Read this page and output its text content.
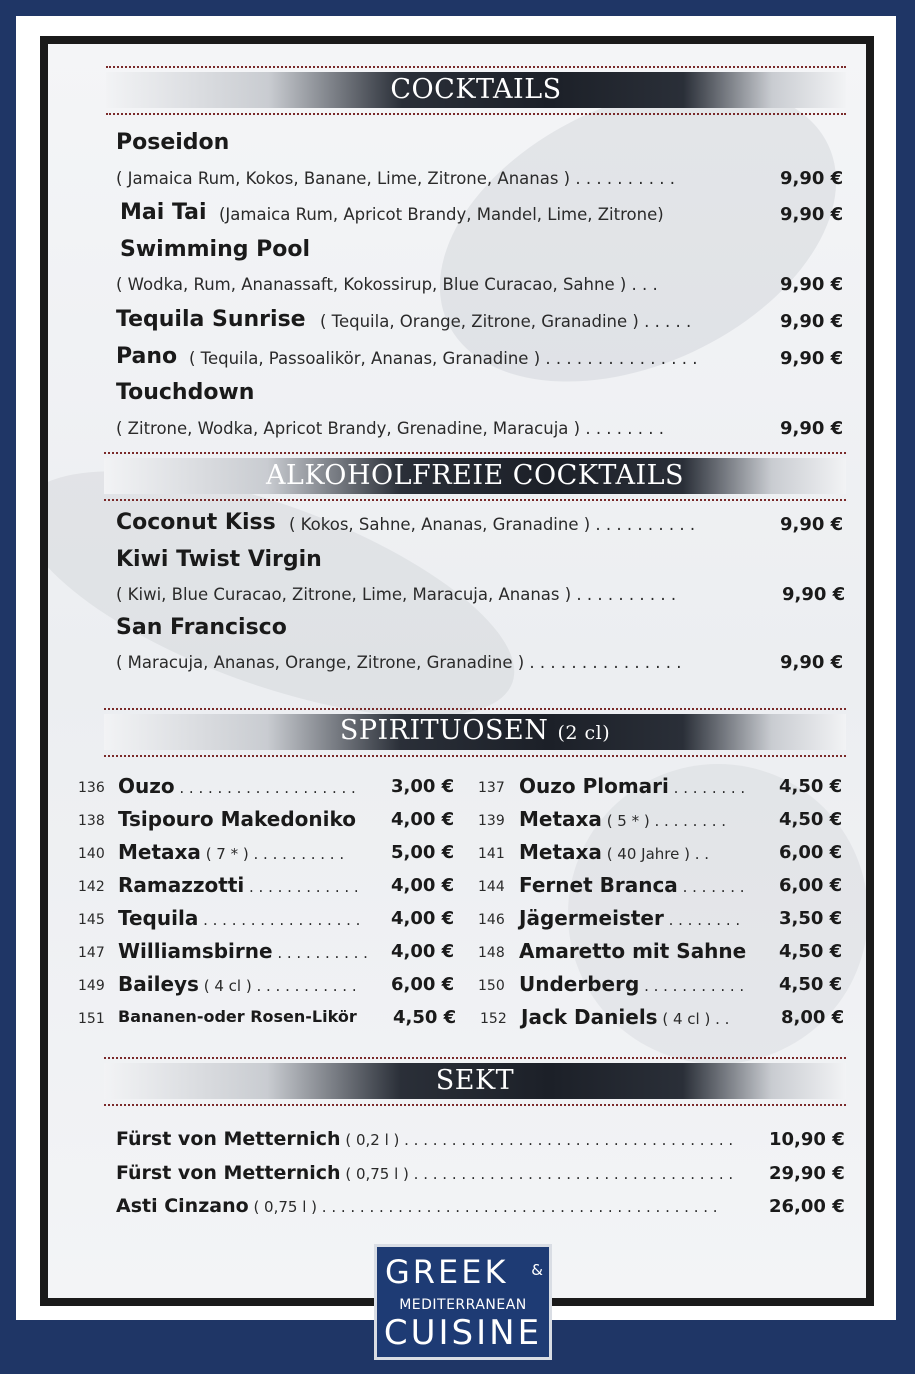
COCKTAILS
Poseidon
( Jamaica Rum, Kokos, Banane, Lime, Zitrone, Ananas ) . . . . . . . . . .	9,90 €
Mai Tai (Jamaica Rum, Apricot Brandy, Mandel, Lime, Zitrone)	9,90 €
Swimming Pool
( Wodka, Rum, Ananassaft, Kokossirup, Blue Curacao, Sahne ) . . .	9,90 €
Tequila Sunrise ( Tequila, Orange, Zitrone, Granadine ) . . . . .	9,90 €
Pano ( Tequila, Passoalikör, Ananas, Granadine ) . . . . . . . . . . . . . . .	9,90 €
Touchdown
( Zitrone, Wodka, Apricot Brandy, Grenadine, Maracuja ) . . . . . . . .	9,90 €
ALKOHOLFREIE COCKTAILS
Coconut Kiss ( Kokos, Sahne, Ananas, Granadine ) . . . . . . . . . .	9,90 €
Kiwi Twist Virgin
( Kiwi, Blue Curacao, Zitrone, Lime, Maracuja, Ananas ) . . . . . . . . . .	9,90 €
San Francisco
( Maracuja, Ananas, Orange, Zitrone, Granadine ) . . . . . . . . . . . . . . .	9,90 €
SPIRITUOSEN (2 cl)
136 Ouzo . . . . . . . . . . . . . . . . . . . 3,00 €
138 Tsipouro Makedoniko 4,00 €
140 Metaxa ( 7 * ) . . . . . . . . . .	5,00 €
142 Ramazzotti . . . . . . . . . . . . 4,00 €
145 Tequila . . . . . . . . . . . . . . . . . 4,00 €
147 Williamsbirne . . . . . . . . . . 4,00 €
149 Baileys ( 4 cl ) . . . . . . . . . . . 6,00 €
151 Bananen-oder Rosen-Likör 4,50 €
137 Ouzo Plomari . . . . . . . . 4,50 €
139 Metaxa ( 5 * ) . . . . . . . .	4,50 €
141 Metaxa ( 40 Jahre ) . .	6,00 €
144 Fernet Branca . . . . . . . 6,00 €
146 Jägermeister . . . . . . . . 3,50 €
148 Amaretto mit Sahne 4,50 €
150 Underberg . . . . . . . . . . . 4,50 €
152 Jack Daniels ( 4 cl ) . .	8,00 €
SEKT
Fürst von Metternich ( 0,2 l ) . . . . . . . . . . . . . . . . . . . . . . . . . . . . . . . . . . . 10,90 €
Fürst von Metternich ( 0,75 l ) . . . . . . . . . . . . . . . . . . . . . . . . . . . . . . . . . . 29,90 €
Asti Cinzano ( 0,75 l ) . . . . . . . . . . . . . . . . . . . . . . . . . . . . . . . . . . . . . . . . . .	26,00 €
GREEK &
MEDITERRANEAN
CUISINE
